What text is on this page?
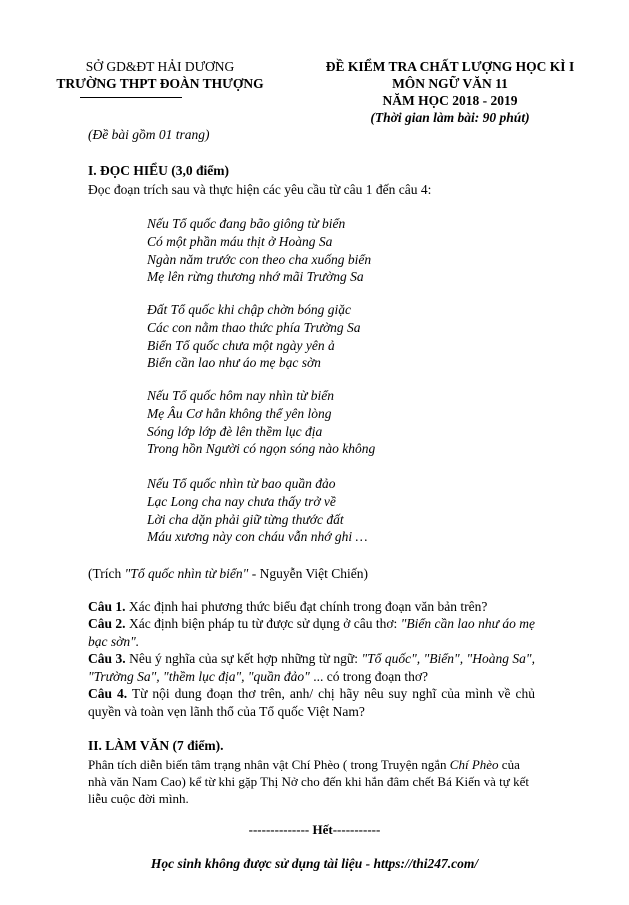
SỞ GD&ĐT HẢI DƯƠNG
TRƯỜNG THPT ĐOÀN THƯỢNG
ĐỀ KIỂM TRA CHẤT LƯỢNG HỌC KÌ I
MÔN NGỮ VĂN 11
NĂM HỌC 2018 - 2019
(Thời gian làm bài: 90 phút)
(Đề bài gồm 01 trang)
I. ĐỌC HIỂU (3,0 điểm)
Đọc đoạn trích sau và thực hiện các yêu cầu từ câu 1 đến câu 4:
Nếu Tổ quốc đang bão giông từ biển
Có một phần máu thịt ở Hoàng Sa
Ngàn năm trước con theo cha xuống biển
Mẹ lên rừng thương nhớ mãi Trường Sa
Đất Tổ quốc khi chập chờn bóng giặc
Các con nằm thao thức phía Trường Sa
Biển Tổ quốc chưa một ngày yên ả
Biển cần lao như áo mẹ bạc sờn
Nếu Tổ quốc hôm nay nhìn từ biển
Mẹ Âu Cơ hẳn không thể yên lòng
Sóng lớp lớp đè lên thềm lục địa
Trong hồn Người có ngọn sóng nào không
Nếu Tổ quốc nhìn từ bao quần đảo
Lạc Long cha nay chưa thấy trở về
Lời cha dặn phải giữ từng thước đất
Máu xương này con cháu vẫn nhớ ghi …
(Trích "Tổ quốc nhìn từ biển" - Nguyễn Việt Chiến)
Câu 1. Xác định hai phương thức biểu đạt chính trong đoạn văn bản trên?
Câu 2. Xác định biện pháp tu từ được sử dụng ở câu thơ: "Biển cần lao như áo mẹ bạc sờn".
Câu 3. Nêu ý nghĩa của sự kết hợp những từ ngữ: "Tổ quốc", "Biển", "Hoàng Sa", "Trường Sa", "thềm lục địa", "quần đảo" ... có trong đoạn thơ?
Câu 4. Từ nội dung đoạn thơ trên, anh/ chị hãy nêu suy nghĩ của mình về chủ quyền và toàn vẹn lãnh thổ của Tổ quốc Việt Nam?
II. LÀM VĂN (7 điểm).
Phân tích diễn biến tâm trạng nhân vật Chí Phèo ( trong Truyện ngắn Chí Phèo của nhà văn Nam Cao) kể từ khi gặp Thị Nở cho đến khi hắn đâm chết Bá Kiến và tự kết liễu cuộc đời mình.
-------------- Hết-----------
Học sinh không được sử dụng tài liệu - https://thi247.com/
